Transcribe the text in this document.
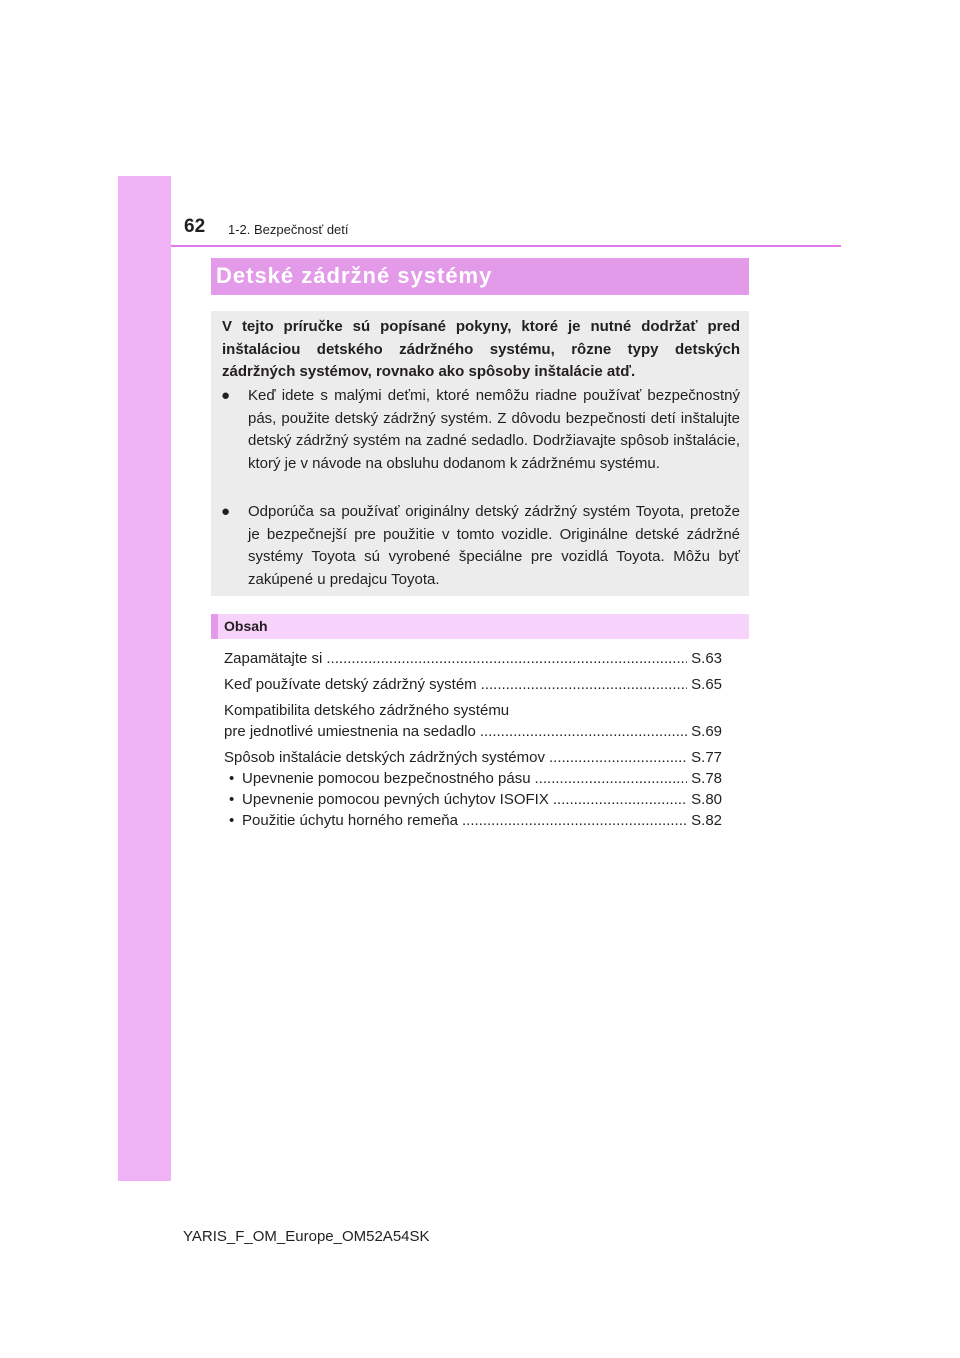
62 1-2. Bezpečnosť detí
Detské zádržné systémy
V tejto príručke sú popísané pokyny, ktoré je nutné dodržať pred inštaláciou detského zádržného systému, rôzne typy detských zádržných systémov, rovnako ako spôsoby inštalácie atď.
● Keď idete s malými deťmi, ktoré nemôžu riadne používať bezpečnostný pás, použite detský zádržný systém. Z dôvodu bezpečnosti detí inštalujte detský zádržný systém na zadné sedadlo. Dodržiavajte spôsob inštalácie, ktorý je v návode na obsluhu dodanom k zádržnému systému.
● Odporúča sa používať originálny detský zádržný systém Toyota, pretože je bezpečnejší pre použitie v tomto vozidle. Originálne detské zádržné systémy Toyota sú vyrobené špeciálne pre vozidlá Toyota. Môžu byť zakúpené u predajcu Toyota.
Obsah
Zapamätajte si .....	S.63
Keď používate detský zádržný systém .....	S.65
Kompatibilita detského zádržného systému
pre jednotlivé umiestnenia na sedadlo .....	S.69
Spôsob inštalácie detských zádržných systémov .....	S.77
• Upevnenie pomocou bezpečnostného pásu .....	S.78
• Upevnenie pomocou pevných úchytov ISOFIX .....	S.80
• Použitie úchytu horného remeňa .....	S.82
YARIS_F_OM_Europe_OM52A54SK
